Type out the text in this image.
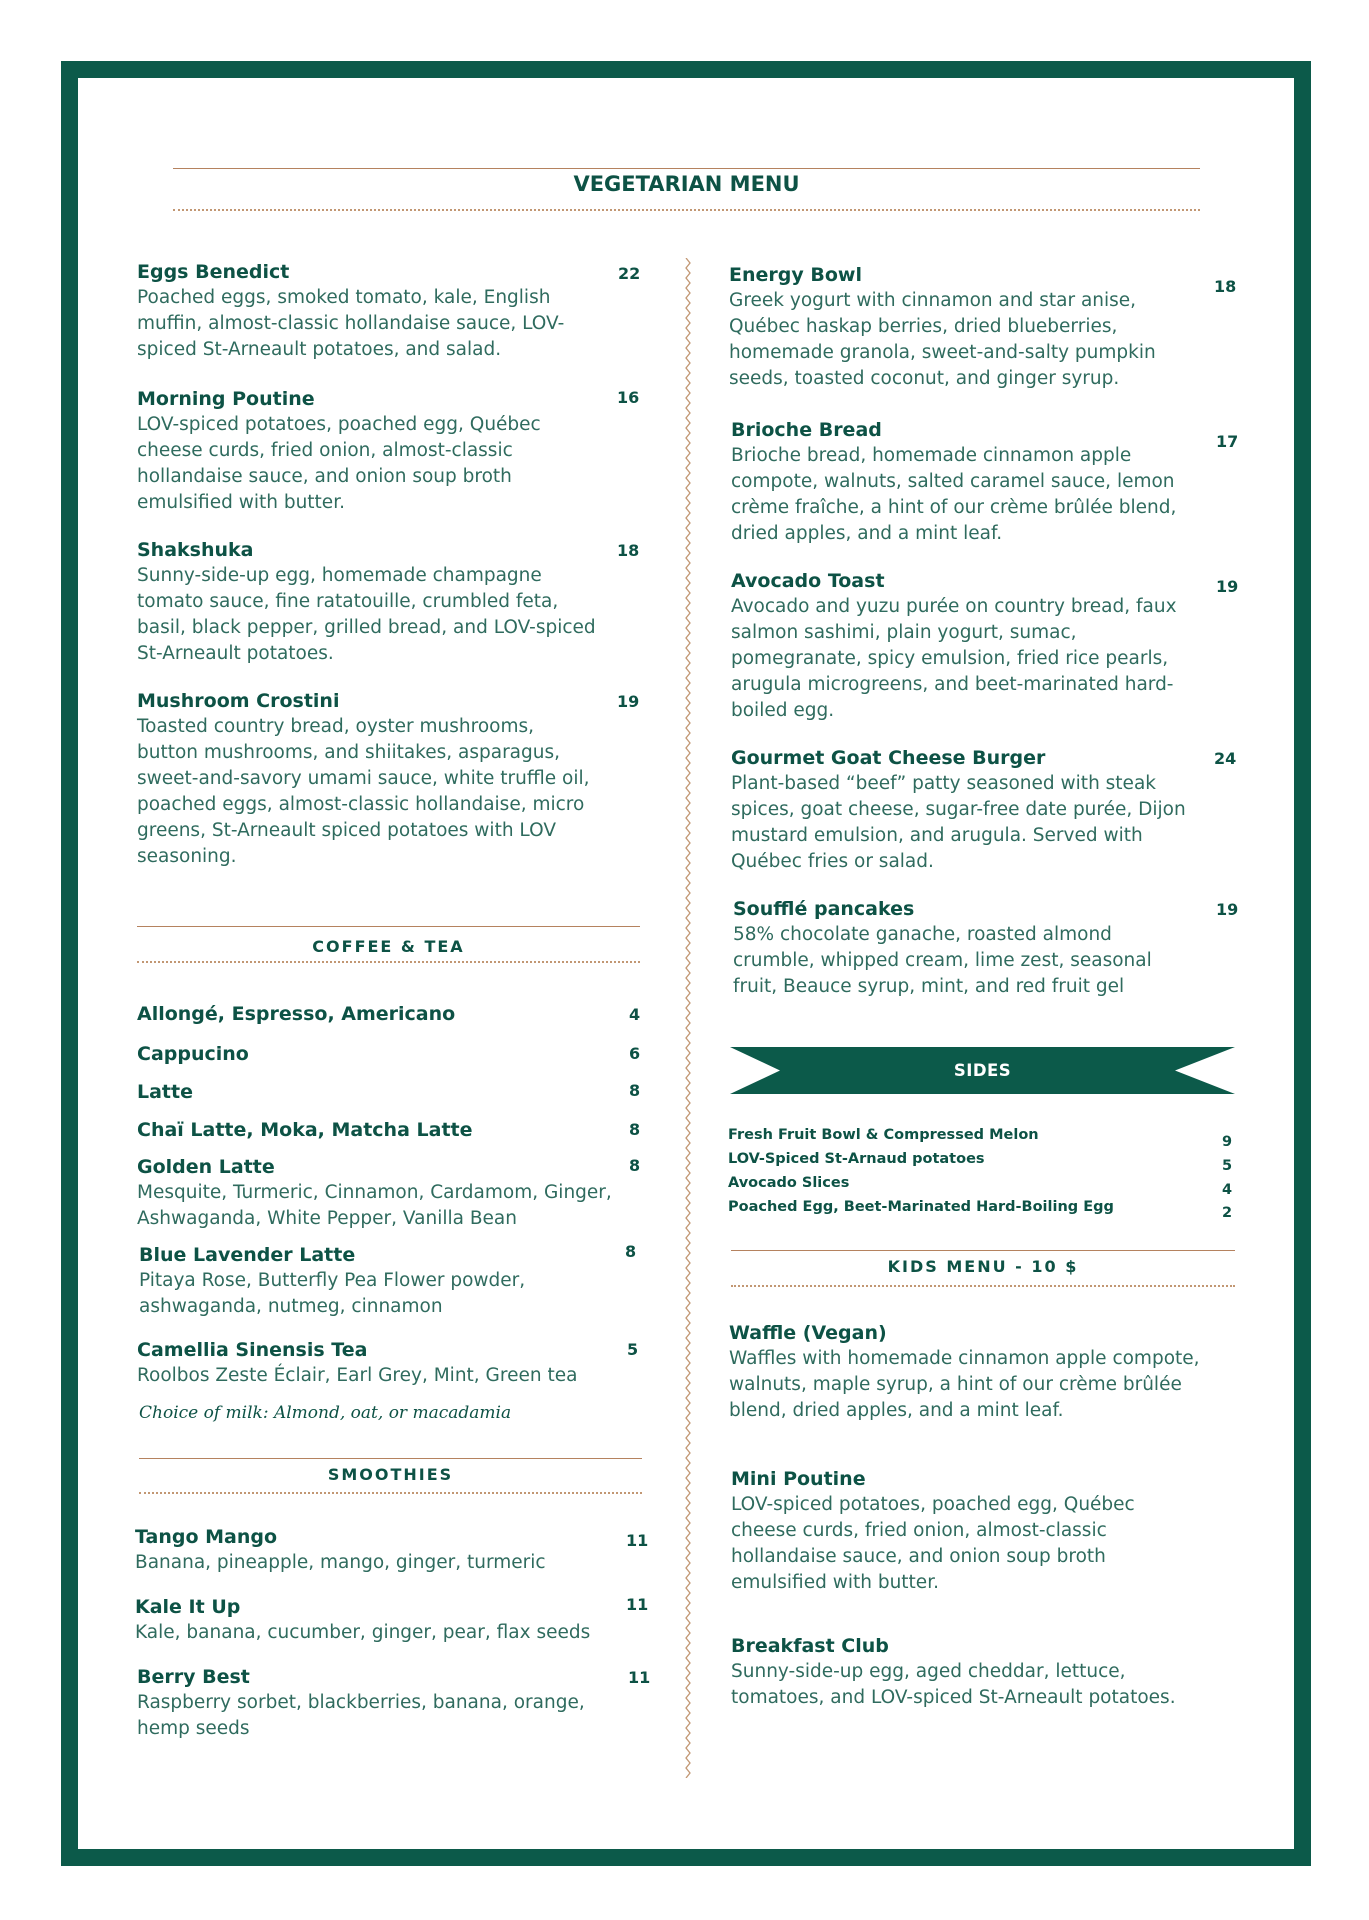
VEGETARIAN MENU
Eggs Benedict
Poached eggs, smoked tomato, kale, English muffin, almost-classic hollandaise sauce, LOV-spiced St-Arneault potatoes, and salad.
22
Morning Poutine
LOV-spiced potatoes, poached egg, Québec cheese curds, fried onion, almost-classic hollandaise sauce, and onion soup broth emulsified with butter.
16
Shakshuka
Sunny-side-up egg, homemade champagne tomato sauce, fine ratatouille, crumbled feta, basil, black pepper, grilled bread, and LOV-spiced St-Arneault potatoes.
18
Mushroom Crostini
Toasted country bread, oyster mushrooms, button mushrooms, and shiitakes, asparagus, sweet-and-savory umami sauce, white truffle oil, poached eggs, almost-classic hollandaise, micro greens, St-Arneault spiced potatoes with LOV seasoning.
19
COFFEE & TEA
Allongé, Espresso, Americano	4
Cappucino	6
Latte	8
Chaï Latte, Moka, Matcha Latte	8
Golden Latte
Mesquite, Turmeric, Cinnamon, Cardamom, Ginger, Ashwaganda, White Pepper, Vanilla Bean
8
Blue Lavender Latte
Pitaya Rose, Butterfly Pea Flower powder, ashwaganda, nutmeg, cinnamon
8
Camellia Sinensis Tea
Roolbos Zeste Éclair, Earl Grey, Mint, Green tea
5
Choice of milk: Almond, oat, or macadamia
SMOOTHIES
Tango Mango
Banana, pineapple, mango, ginger, turmeric
11
Kale It Up
Kale, banana, cucumber, ginger, pear, flax seeds
11
Berry Best
Raspberry sorbet, blackberries, banana, orange, hemp seeds
11
Energy Bowl
Greek yogurt with cinnamon and star anise, Québec haskap berries, dried blueberries, homemade granola, sweet-and-salty pumpkin seeds, toasted coconut, and ginger syrup.
18
Brioche Bread
Brioche bread, homemade cinnamon apple compote, walnuts, salted caramel sauce, lemon crème fraîche, a hint of our crème brûlée blend, dried apples, and a mint leaf.
17
Avocado Toast
Avocado and yuzu purée on country bread, faux salmon sashimi, plain yogurt, sumac, pomegranate, spicy emulsion, fried rice pearls, arugula microgreens, and beet-marinated hard-boiled egg.
19
Gourmet Goat Cheese Burger
Plant-based “beef” patty seasoned with steak spices, goat cheese, sugar-free date purée, Dijon mustard emulsion, and arugula. Served with Québec fries or salad.
24
Soufflé pancakes
58% chocolate ganache, roasted almond crumble, whipped cream, lime zest, seasonal fruit, Beauce syrup, mint, and red fruit gel
19
SIDES
Fresh Fruit Bowl & Compressed Melon	9
LOV-Spiced St-Arnaud potatoes	5
Avocado Slices	4
Poached Egg, Beet-Marinated Hard-Boiling Egg	2
KIDS MENU - 10 $
Waffle (Vegan)
Waffles with homemade cinnamon apple compote, walnuts, maple syrup, a hint of our crème brûlée blend, dried apples, and a mint leaf.
Mini Poutine
LOV-spiced potatoes, poached egg, Québec cheese curds, fried onion, almost-classic hollandaise sauce, and onion soup broth emulsified with butter.
Breakfast Club
Sunny-side-up egg, aged cheddar, lettuce, tomatoes, and LOV-spiced St-Arneault potatoes.
